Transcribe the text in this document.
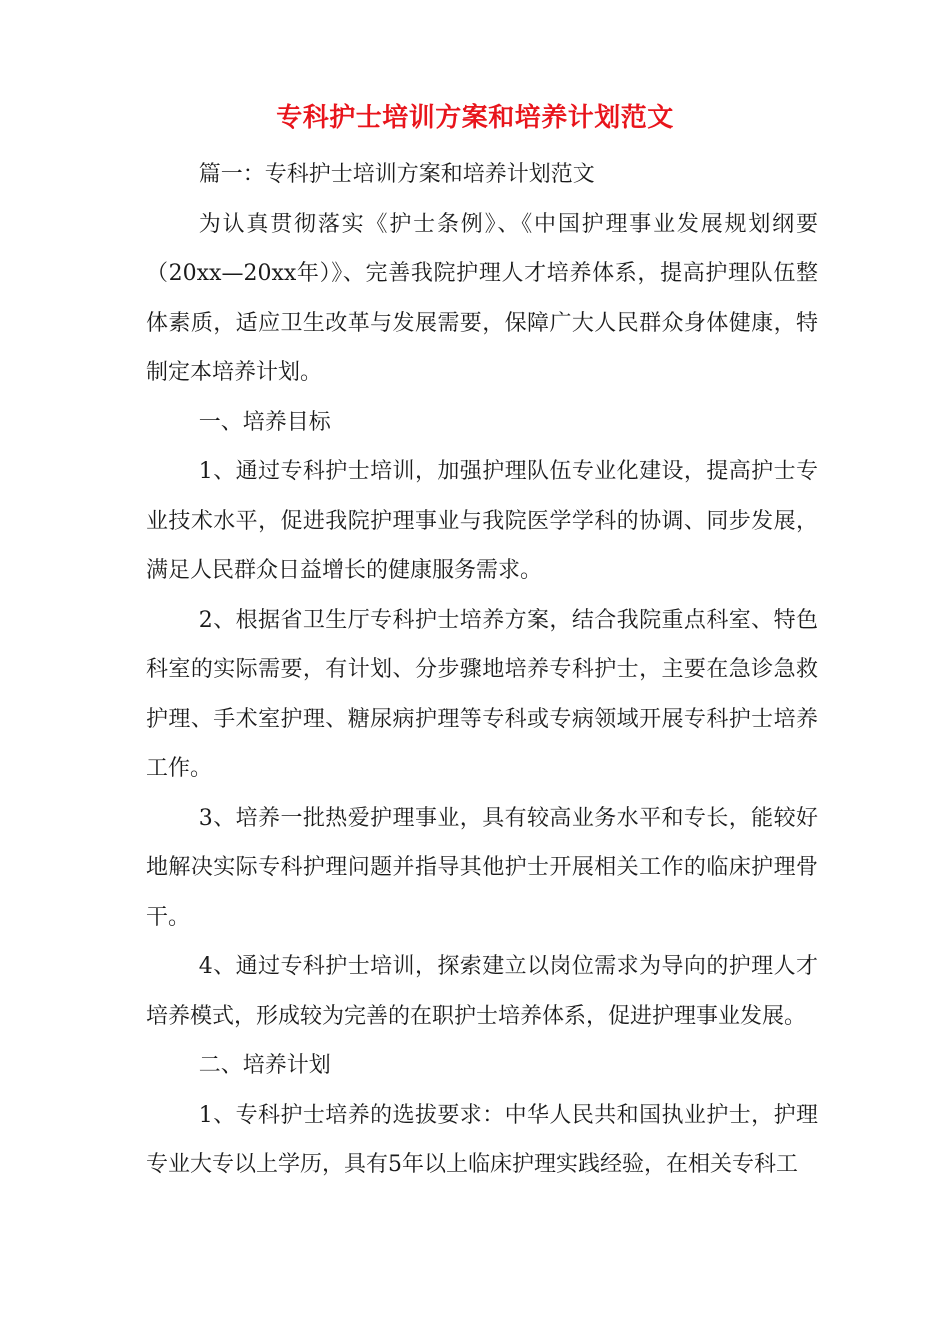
专科护士培训方案和培养计划范文

篇一：专科护士培训方案和培养计划范文

为认真贯彻落实《护士条例》、《中国护理事业发展规划纲要（20xx—20xx年）》、完善我院护理人才培养体系，提高护理队伍整体素质，适应卫生改革与发展需要，保障广大人民群众身体健康，特制定本培养计划。

一、培养目标

1、通过专科护士培训，加强护理队伍专业化建设，提高护士专业技术水平，促进我院护理事业与我院医学学科的协调、同步发展，满足人民群众日益增长的健康服务需求。

2、根据省卫生厅专科护士培养方案，结合我院重点科室、特色科室的实际需要，有计划、分步骤地培养专科护士，主要在急诊急救护理、手术室护理、糖尿病护理等专科或专病领域开展专科护士培养工作。

3、培养一批热爱护理事业，具有较高业务水平和专长，能较好地解决实际专科护理问题并指导其他护士开展相关工作的临床护理骨干。

4、通过专科护士培训，探索建立以岗位需求为导向的护理人才培养模式，形成较为完善的在职护士培养体系，促进护理事业发展。

二、培养计划

1、专科护士培养的选拔要求：中华人民共和国执业护士，护理专业大专以上学历，具有5年以上临床护理实践经验，在相关专科工
